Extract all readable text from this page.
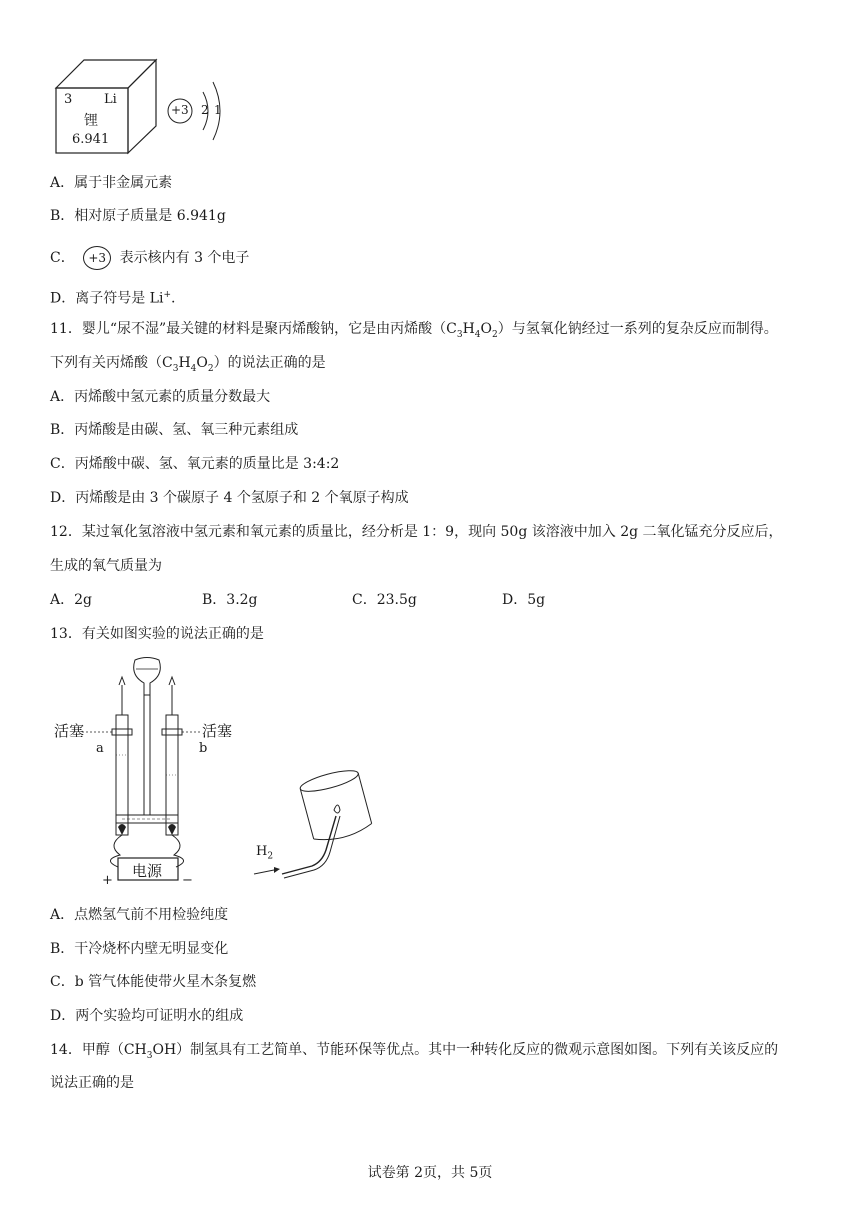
3 Li
锂
6.941
+3 2 1
A．属于非金属元素
B．相对原子质量是 6.941g
C． +3 表示核内有 3 个电子
D．离子符号是 Li+.
11．婴儿“尿不湿”最关键的材料是聚丙烯酸钠，它是由丙烯酸$(C_3H_4O_2)$与氢氧化钠经过一系列的复杂反应而制得。
下列有关丙烯酸$(C_3H_4O_2)$的说法正确的是
A．丙烯酸中氢元素的质量分数最大
B．丙烯酸是由碳、氢、氧三种元素组成
C．丙烯酸中碳、氢、氧元素的质量比是 3:4:2
D．丙烯酸是由 3 个碳原子 4 个氢原子和 2 个氧原子构成
12．某过氧化氢溶液中氢元素和氧元素的质量比，经分析是 1：9，现向 50g 该溶液中加入 2g 二氧化锰充分反应后，
生成的氧气质量为
A．2g	B．3.2g	C．23.5g	D．5g
13．有关如图实验的说法正确的是
活塞	活塞
a	b
电源
+	−
$H_2$
A．点燃氢气前不用检验纯度
B．干冷烧杯内壁无明显变化
C．b 管气体能使带火星木条复燃
D．两个实验均可证明水的组成
14．甲醇$(CH_3OH)$制氢具有工艺简单、节能环保等优点。其中一种转化反应的微观示意图如图。下列有关该反应的
说法正确的是
试卷第 2页，共 5页
